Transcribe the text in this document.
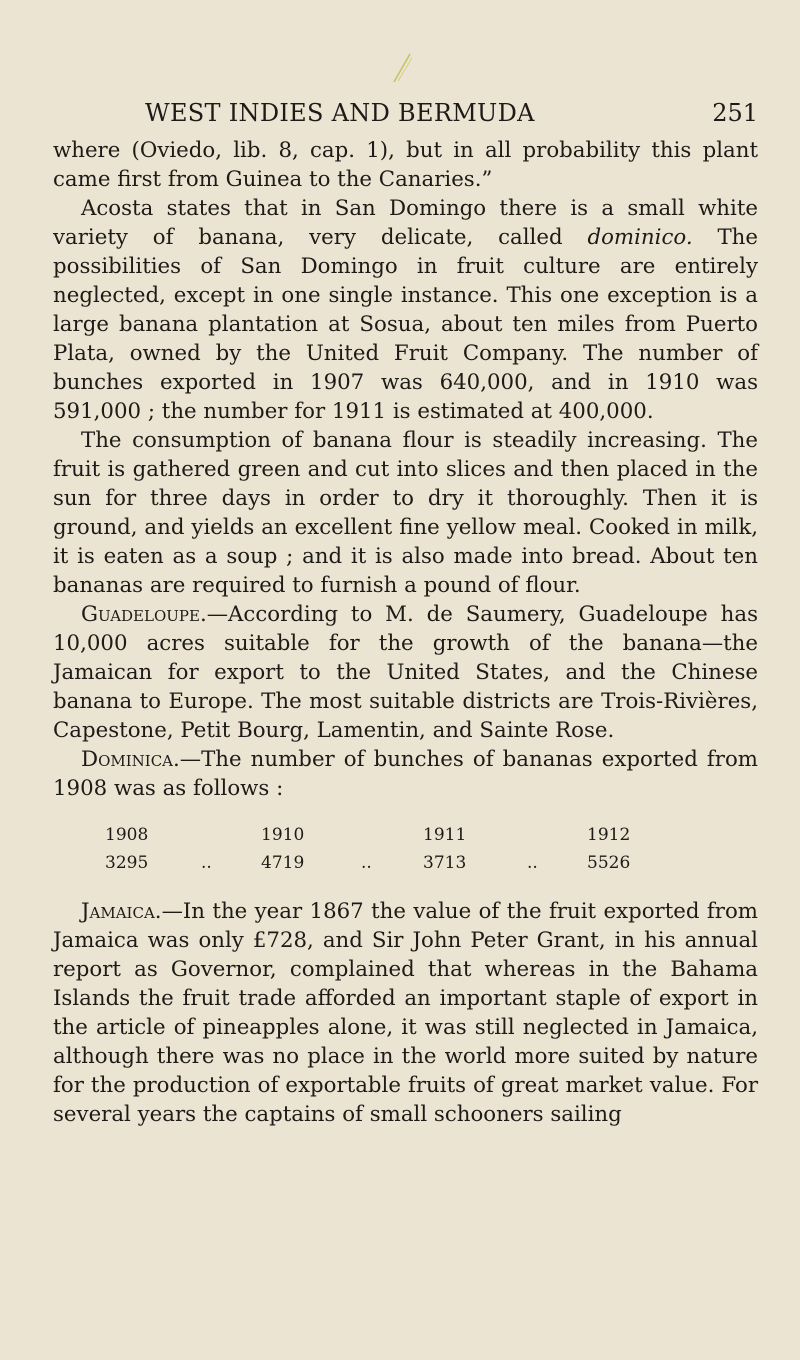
WEST INDIES AND BERMUDA	251

where (Oviedo, lib. 8, cap. 1), but in all probability this plant came first from Guinea to the Canaries.”

Acosta states that in San Domingo there is a small white variety of banana, very delicate, called dominico. The possibilities of San Domingo in fruit culture are entirely neglected, except in one single instance. This one exception is a large banana plantation at Sosua, about ten miles from Puerto Plata, owned by the United Fruit Company. The number of bunches exported in 1907 was 640,000, and in 1910 was 591,000 ; the number for 1911 is estimated at 400,000.

The consumption of banana flour is steadily increasing. The fruit is gathered green and cut into slices and then placed in the sun for three days in order to dry it thoroughly. Then it is ground, and yields an excellent fine yellow meal. Cooked in milk, it is eaten as a soup ; and it is also made into bread. About ten bananas are required to furnish a pound of flour.

Guadeloupe.—According to M. de Saumery, Guadeloupe has 10,000 acres suitable for the growth of the banana—the Jamaican for export to the United States, and the Chinese banana to Europe. The most suitable districts are Trois-Rivières, Capestone, Petit Bourg, Lamentin, and Sainte Rose.

Dominica.—The number of bunches of bananas exported from 1908 was as follows :

1908	1910	1911	1912
3295	..	4719	..	3713	..	5526

Jamaica.—In the year 1867 the value of the fruit exported from Jamaica was only £728, and Sir John Peter Grant, in his annual report as Governor, complained that whereas in the Bahama Islands the fruit trade afforded an important staple of export in the article of pineapples alone, it was still neglected in Jamaica, although there was no place in the world more suited by nature for the production of exportable fruits of great market value. For several years the captains of small schooners sailing
